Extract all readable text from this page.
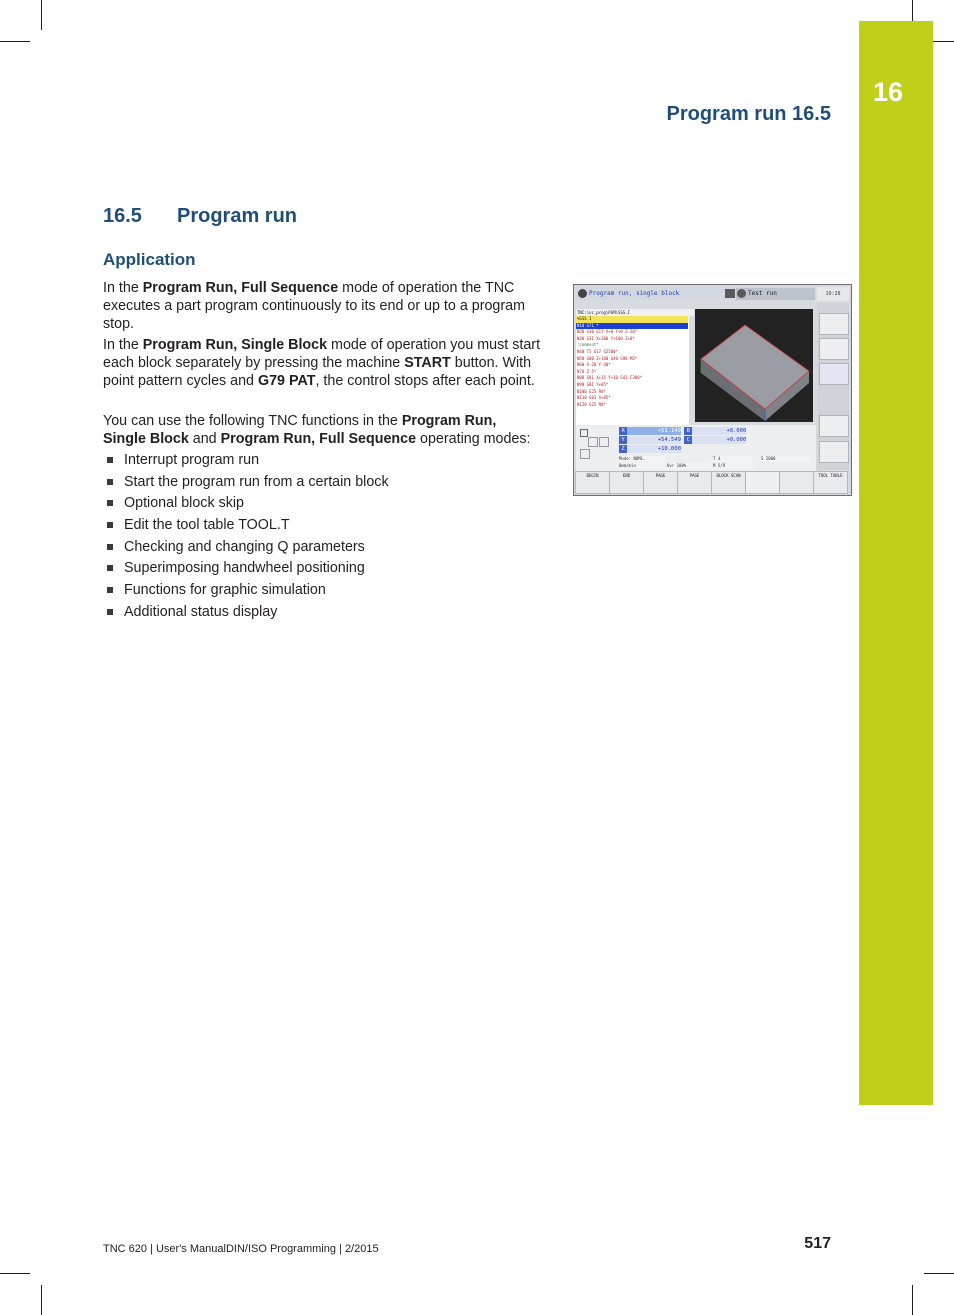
16
Program run 16.5
16.5 Program run
Application
In the Program Run, Full Sequence mode of operation the TNC executes a part program continuously to its end or up to a program stop.
In the Program Run, Single Block mode of operation you must start each block separately by pressing the machine START button. With point pattern cycles and G79 PAT, the control stops after each point.
You can use the following TNC functions in the Program Run, Single Block and Program Run, Full Sequence operating modes:
Interrupt program run
Start the program run from a certain block
Optional block skip
Edit the tool table TOOL.T
Checking and changing Q parameters
Superimposing handwheel positioning
Functions for graphic simulation
Additional status display
Program run, single block	Test run	10:28
TNC:\nc_prog\PGM\SSS.I
%SSS I
N10 G71 *
N20 G30 G17 X+0 Y+0 Z-20*
N30 G31 X+100 Y+100 Z+0*
;comment*
N40 T5 G17 S2500*
N50 G00 Z+100 G40 G90 M3*
N60 X-20 Y-30*
N70 Z-5*
N80 G01 X+15 Y+10 G41 F300*
N90 G01 Y+85*
N100 G25 R8*
N110 G01 X+85*
N120 G25 R8*
X	+51.149 B	+0.000
Y	+54.549 C	+0.000
Z	+10.000
Mode: NOML.	T 4	S 2000
0mm/min	Ovr 100%	M 5/9
BEGIN	END	PAGE	PAGE	BLOCK SCAN	TOOL TABLE
TNC 620 | User's ManualDIN/ISO Programming | 2/2015	517
